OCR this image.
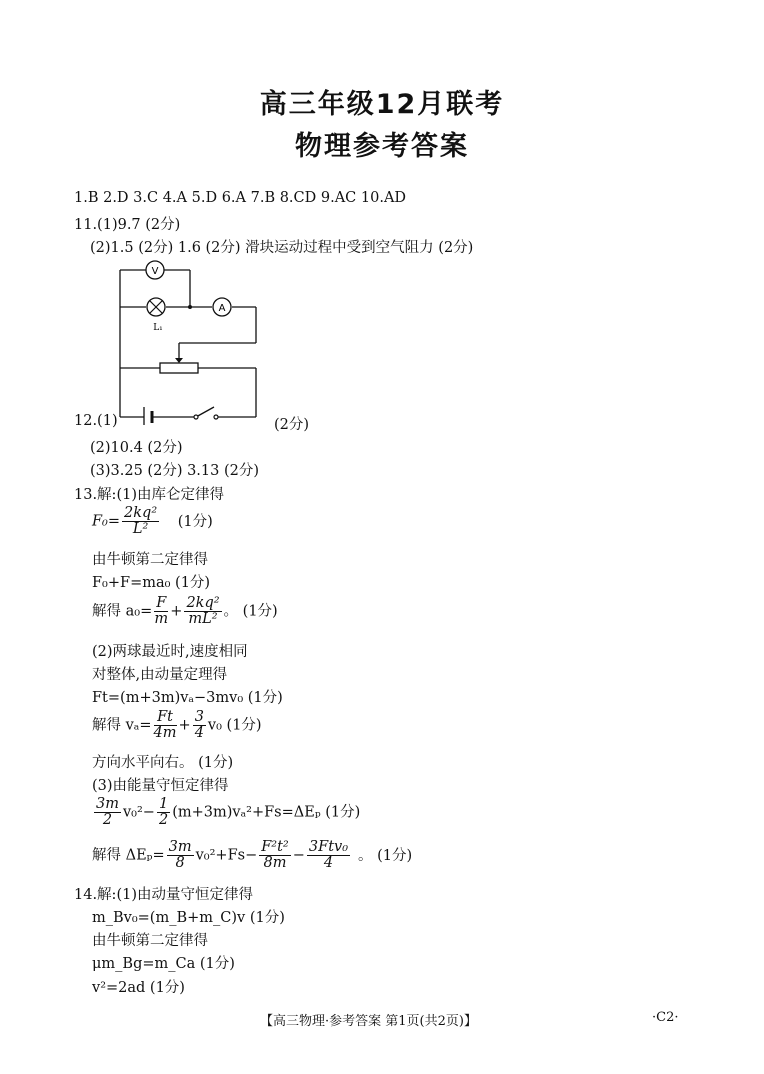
高三年级12月联考
物理参考答案
1.B 2.D 3.C 4.A 5.D 6.A 7.B 8.CD 9.AC 10.AD
11.(1)9.7 (2分)
(2)1.5 (2分) 1.6 (2分) 滑块运动过程中受到空气阻力 (2分)
V
L₁
A
12.(1)	(2分)
(2)10.4 (2分)
(3)3.25 (2分) 3.13 (2分)
13.解:(1)由库仑定律得
$F_0= \frac{\text{2kq²}}{\text{L²}} (1$分)
由牛顿第二定律得
F₀+F=ma₀ (1分)
解得 $a_0= \frac{F}{m} + \frac{\text{2kq²}}{\text{mL²}}$ 。 (1分)
(2)两球最近时,速度相同
对整体,由动量定理得
Ft=(m+3m)vₐ−3mv₀ (1分)
解得 $v_a= \frac{Ft}{4m} + \frac{3}{4} v_0$ (1分)
方向水平向右。 (1分)
(3)由能量守恒定律得
$\frac{3m}{2} v_0^2- \frac{1}{2} (m+3m)v_a^2+Fs=\Delta E_p$ (1分)
解得 $\Delta E_p= \frac{3m}{8} v_0^2+Fs- \frac{\text{F²t²}}{8m} - \frac{\text{3Ftv₀}}{4}$ 。 (1分)
14.解:(1)由动量守恒定律得
m_Bv₀=(m_B+m_C)v (1分)
由牛顿第二定律得
μm_Bg=m_Ca (1分)
v²=2ad (1分)
【高三物理·参考答案 第1页(共2页)】	·C2·
